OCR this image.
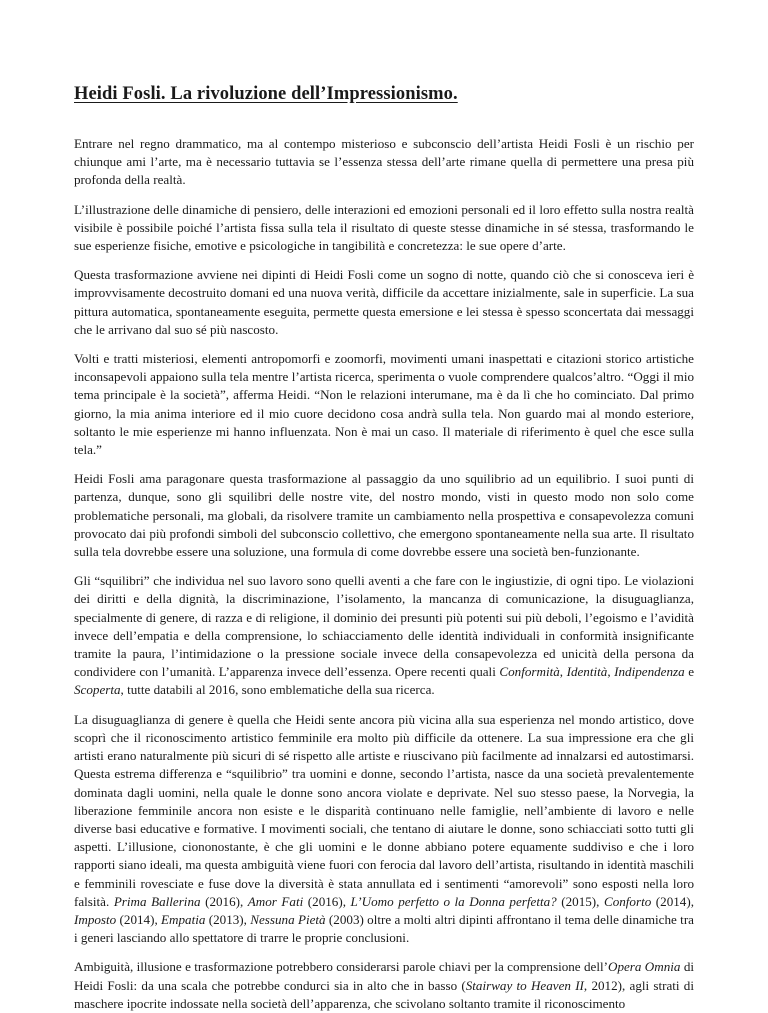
Heidi Fosli. La rivoluzione dell’Impressionismo.

Entrare nel regno drammatico, ma al contempo misterioso e subconscio dell’artista Heidi Fosli è un rischio per chiunque ami l’arte, ma è necessario tuttavia se l’essenza stessa dell’arte rimane quella di permettere una presa più profonda della realtà.

L’illustrazione delle dinamiche di pensiero, delle interazioni ed emozioni personali ed il loro effetto sulla nostra realtà visibile è possibile poiché l’artista fissa sulla tela il risultato di queste stesse dinamiche in sé stessa, trasformando le sue esperienze fisiche, emotive e psicologiche in tangibilità e concretezza: le sue opere d’arte.

Questa trasformazione avviene nei dipinti di Heidi Fosli come un sogno di notte, quando ciò che si conosceva ieri è improvvisamente decostruito domani ed una nuova verità, difficile da accettare inizialmente, sale in superficie. La sua pittura automatica, spontaneamente eseguita, permette questa emersione e lei stessa è spesso sconcertata dai messaggi che le arrivano dal suo sé più nascosto.

Volti e tratti misteriosi, elementi antropomorfi e zoomorfi, movimenti umani inaspettati e citazioni storico artistiche inconsapevoli appaiono sulla tela mentre l’artista ricerca, sperimenta o vuole comprendere qualcos’altro. “Oggi il mio tema principale è la società”, afferma Heidi. “Non le relazioni interumane, ma è da lì che ho cominciato. Dal primo giorno, la mia anima interiore ed il mio cuore decidono cosa andrà sulla tela. Non guardo mai al mondo esteriore, soltanto le mie esperienze mi hanno influenzata. Non è mai un caso. Il materiale di riferimento è quel che esce sulla tela.”

Heidi Fosli ama paragonare questa trasformazione al passaggio da uno squilibrio ad un equilibrio. I suoi punti di partenza, dunque, sono gli squilibri delle nostre vite, del nostro mondo, visti in questo modo non solo come problematiche personali, ma globali, da risolvere tramite un cambiamento nella prospettiva e consapevolezza comuni provocato dai più profondi simboli del subconscio collettivo, che emergono spontaneamente nella sua arte. Il risultato sulla tela dovrebbe essere una soluzione, una formula di come dovrebbe essere una società ben-funzionante.

Gli “squilibri” che individua nel suo lavoro sono quelli aventi a che fare con le ingiustizie, di ogni tipo. Le violazioni dei diritti e della dignità, la discriminazione, l’isolamento, la mancanza di comunicazione, la disuguaglianza, specialmente di genere, di razza e di religione, il dominio dei presunti più potenti sui più deboli, l’egoismo e l’avidità invece dell’empatia e della comprensione, lo schiacciamento delle identità individuali in conformità insignificante tramite la paura, l’intimidazione o la pressione sociale invece della consapevolezza ed unicità della persona da condividere con l’umanità. L’apparenza invece dell’essenza. Opere recenti quali Conformità, Identità, Indipendenza e Scoperta, tutte databili al 2016, sono emblematiche della sua ricerca.

La disuguaglianza di genere è quella che Heidi sente ancora più vicina alla sua esperienza nel mondo artistico, dove scoprì che il riconoscimento artistico femminile era molto più difficile da ottenere. La sua impressione era che gli artisti erano naturalmente più sicuri di sé rispetto alle artiste e riuscivano più facilmente ad innalzarsi ed autostimarsi. Questa estrema differenza e “squilibrio” tra uomini e donne, secondo l’artista, nasce da una società prevalentemente dominata dagli uomini, nella quale le donne sono ancora violate e deprivate. Nel suo stesso paese, la Norvegia, la liberazione femminile ancora non esiste e le disparità continuano nelle famiglie, nell’ambiente di lavoro e nelle diverse basi educative e formative. I movimenti sociali, che tentano di aiutare le donne, sono schiacciati sotto tutti gli aspetti. L’illusione, ciononostante, è che gli uomini e le donne abbiano potere equamente suddiviso e che i loro rapporti siano ideali, ma questa ambiguità viene fuori con ferocia dal lavoro dell’artista, risultando in identità maschili e femminili rovesciate e fuse dove la diversità è stata annullata ed i sentimenti “amorevoli” sono esposti nella loro falsità. Prima Ballerina (2016), Amor Fati (2016), L’Uomo perfetto o la Donna perfetta? (2015), Conforto (2014), Imposto (2014), Empatia (2013), Nessuna Pietà (2003) oltre a molti altri dipinti affrontano il tema delle dinamiche tra i generi lasciando allo spettatore di trarre le proprie conclusioni.

Ambiguità, illusione e trasformazione potrebbero considerarsi parole chiavi per la comprensione dell’Opera Omnia di Heidi Fosli: da una scala che potrebbe condurci sia in alto che in basso (Stairway to Heaven II, 2012), agli strati di maschere ipocrite indossate nella società dell’apparenza, che scivolano soltanto tramite il riconoscimento
